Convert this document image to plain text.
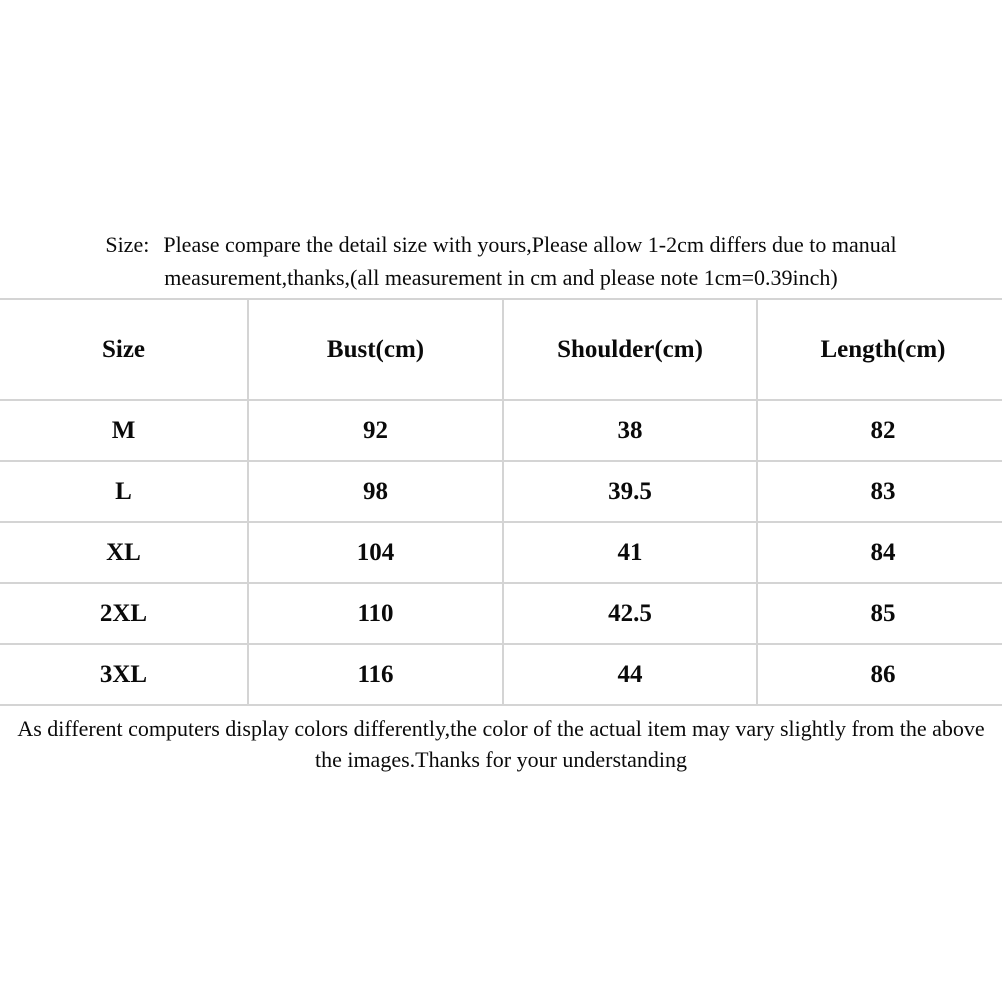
Size: Please compare the detail size with yours,Please allow 1-2cm differs due to manual
measurement,thanks,(all measurement in cm and please note 1cm=0.39inch)
Size	Bust(cm)	Shoulder(cm)	Length(cm)
M	92	38	82
L	98	39.5	83
XL	104	41	84
2XL	110	42.5	85
3XL	116	44	86
As different computers display colors differently,the color of the actual item may vary slightly from the above
the images.Thanks for your understanding
